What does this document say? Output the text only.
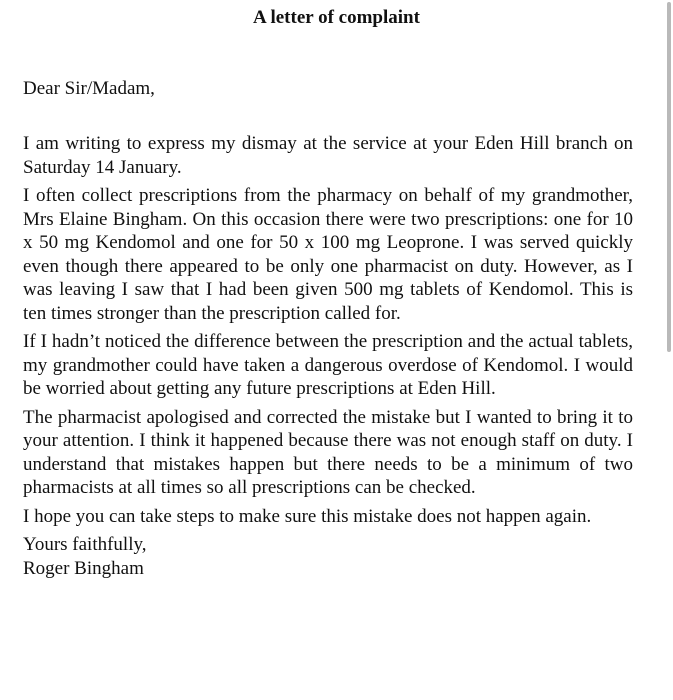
A letter of complaint
Dear Sir/Madam,

I am writing to express my dismay at the service at your Eden Hill branch on Saturday 14 January.

I often collect prescriptions from the pharmacy on behalf of my grandmother, Mrs Elaine Bingham. On this occasion there were two prescriptions: one for 10 x 50 mg Kendomol and one for 50 x 100 mg Leoprone. I was served quickly even though there appeared to be only one pharmacist on duty. However, as I was leaving I saw that I had been given 500 mg tablets of Kendomol. This is ten times stronger than the prescription called for.

If I hadn’t noticed the difference between the prescription and the actual tablets, my grandmother could have taken a dangerous overdose of Kendomol. I would be worried about getting any future prescriptions at Eden Hill.

The pharmacist apologised and corrected the mistake but I wanted to bring it to your attention. I think it happened because there was not enough staff on duty. I understand that mistakes happen but there needs to be a minimum of two pharmacists at all times so all prescriptions can be checked.

I hope you can take steps to make sure this mistake does not happen again.

Yours faithfully,
Roger Bingham
